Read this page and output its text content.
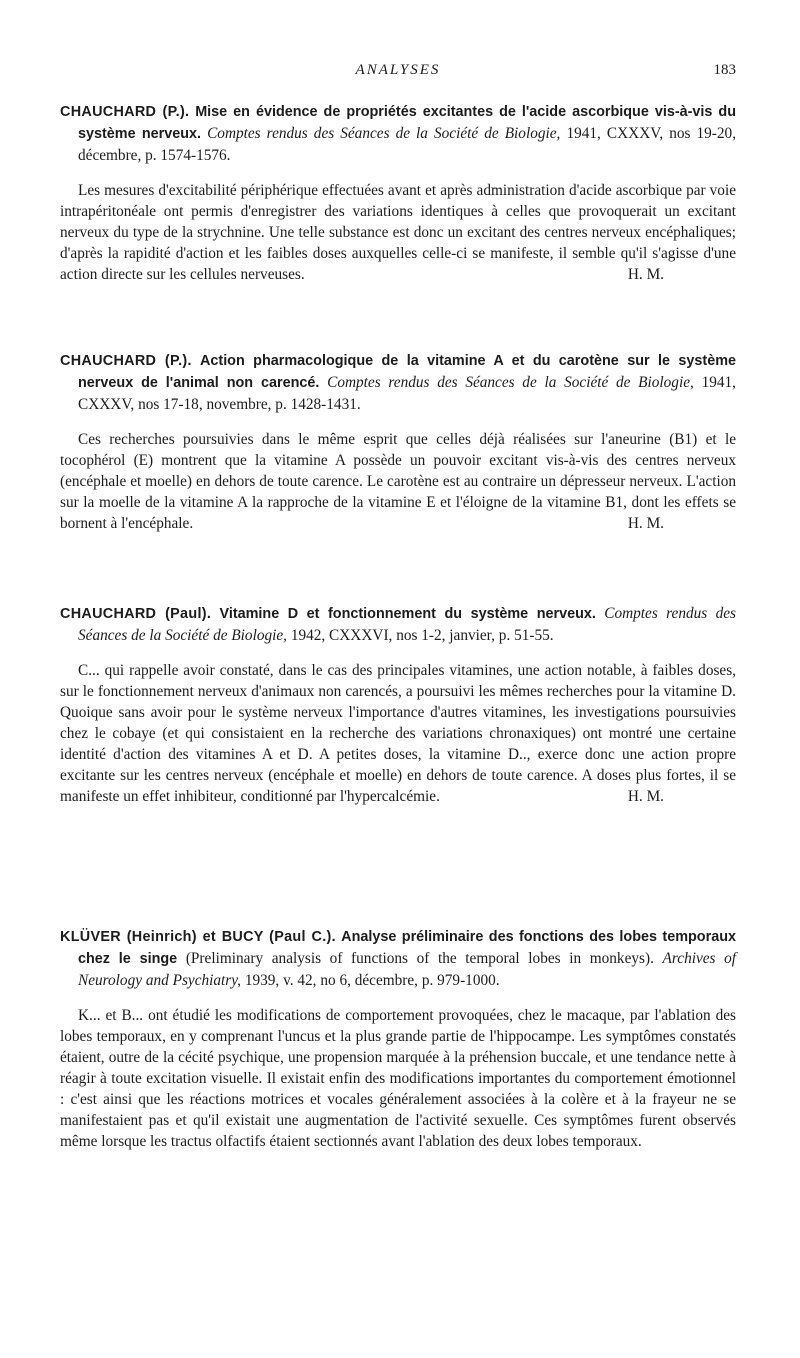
ANALYSES	183

CHAUCHARD (P.). Mise en évidence de propriétés excitantes de l'acide ascorbique vis-à-vis du système nerveux. Comptes rendus des Séances de la Société de Biologie, 1941, CXXXV, nos 19-20, décembre, p. 1574-1576.

Les mesures d'excitabilité périphérique effectuées avant et après administration d'acide ascorbique par voie intrapéritonéale ont permis d'enregistrer des variations identiques à celles que provoquerait un excitant nerveux du type de la strychnine. Une telle substance est donc un excitant des centres nerveux encéphaliques; d'après la rapidité d'action et les faibles doses auxquelles celle-ci se manifeste, il semble qu'il s'agisse d'une action directe sur les cellules nerveuses.	H. M.

CHAUCHARD (P.). Action pharmacologique de la vitamine A et du carotène sur le système nerveux de l'animal non carencé. Comptes rendus des Séances de la Société de Biologie, 1941, CXXXV, nos 17-18, novembre, p. 1428-1431.

Ces recherches poursuivies dans le même esprit que celles déjà réalisées sur l'aneurine (B1) et le tocophérol (E) montrent que la vitamine A possède un pouvoir excitant vis-à-vis des centres nerveux (encéphale et moelle) en dehors de toute carence. Le carotène est au contraire un dépresseur nerveux. L'action sur la moelle de la vitamine A la rapproche de la vitamine E et l'éloigne de la vitamine B1, dont les effets se bornent à l'encéphale.	H. M.

CHAUCHARD (Paul). Vitamine D et fonctionnement du système nerveux. Comptes rendus des Séances de la Société de Biologie, 1942, CXXXVI, nos 1-2, janvier, p. 51-55.

C... qui rappelle avoir constaté, dans le cas des principales vitamines, une action notable, à faibles doses, sur le fonctionnement nerveux d'animaux non carencés, a poursuivi les mêmes recherches pour la vitamine D. Quoique sans avoir pour le système nerveux l'importance d'autres vitamines, les investigations poursuivies chez le cobaye (et qui consistaient en la recherche des variations chronaxiques) ont montré une certaine identité d'action des vitamines A et D. A petites doses, la vitamine D.., exerce donc une action propre excitante sur les centres nerveux (encéphale et moelle) en dehors de toute carence. A doses plus fortes, il se manifeste un effet inhibiteur, conditionné par l'hypercalcémie.	H. M.

KLÜVER (Heinrich) et BUCY (Paul C.). Analyse préliminaire des fonctions des lobes temporaux chez le singe (Preliminary analysis of functions of the temporal lobes in monkeys). Archives of Neurology and Psychiatry, 1939, v. 42, no 6, décembre, p. 979-1000.

K... et B... ont étudié les modifications de comportement provoquées, chez le macaque, par l'ablation des lobes temporaux, en y comprenant l'uncus et la plus grande partie de l'hippocampe. Les symptômes constatés étaient, outre de la cécité psychique, une propension marquée à la préhension buccale, et une tendance nette à réagir à toute excitation visuelle. Il existait enfin des modifications importantes du comportement émotionnel : c'est ainsi que les réactions motrices et vocales généralement associées à la colère et à la frayeur ne se manifestaient pas et qu'il existait une augmentation de l'activité sexuelle. Ces symptômes furent observés même lorsque les tractus olfactifs étaient sectionnés avant l'ablation des deux lobes temporaux.
